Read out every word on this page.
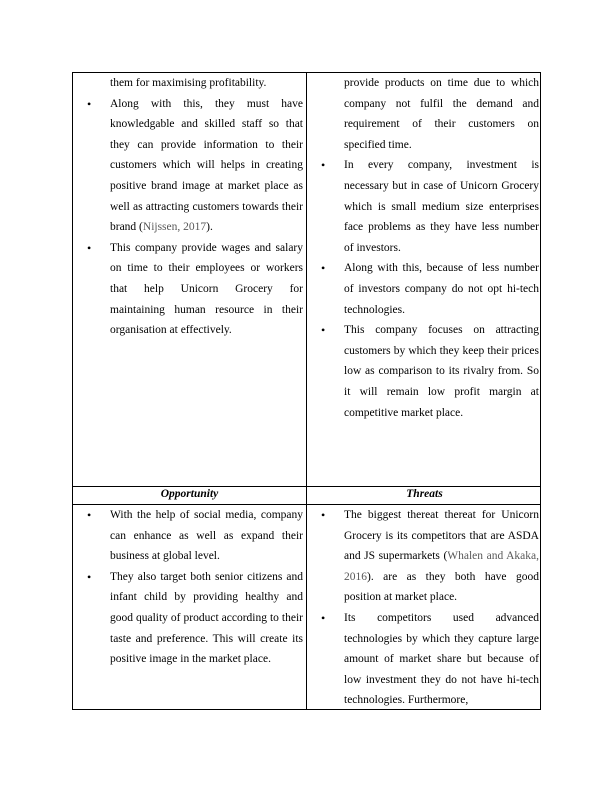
them for maximising profitability.
• Along with this, they must have knowledgable and skilled staff so that they can provide information to their customers which will helps in creating positive brand image at market place as well as attracting customers towards their brand (Nijssen, 2017).
• This company provide wages and salary on time to their employees or workers that help Unicorn Grocery for maintaining human resource in their organisation at effectively.
provide products on time due to which company not fulfil the demand and requirement of their customers on specified time.
• In every company, investment is necessary but in case of Unicorn Grocery which is small medium size enterprises face problems as they have less number of investors.
• Along with this, because of less number of investors company do not opt hi-tech technologies.
• This company focuses on attracting customers by which they keep their prices low as comparison to its rivalry from. So it will remain low profit margin at competitive market place.
Opportunity	Threats
• With the help of social media, company can enhance as well as expand their business at global level.
• They also target both senior citizens and infant child by providing healthy and good quality of product according to their taste and preference. This will create its positive image in the market place.
• The biggest thereat thereat for Unicorn Grocery is its competitors that are ASDA and JS supermarkets (Whalen and Akaka, 2016). are as they both have good position at market place.
• Its competitors used advanced technologies by which they capture large amount of market share but because of low investment they do not have hi-tech technologies. Furthermore,
